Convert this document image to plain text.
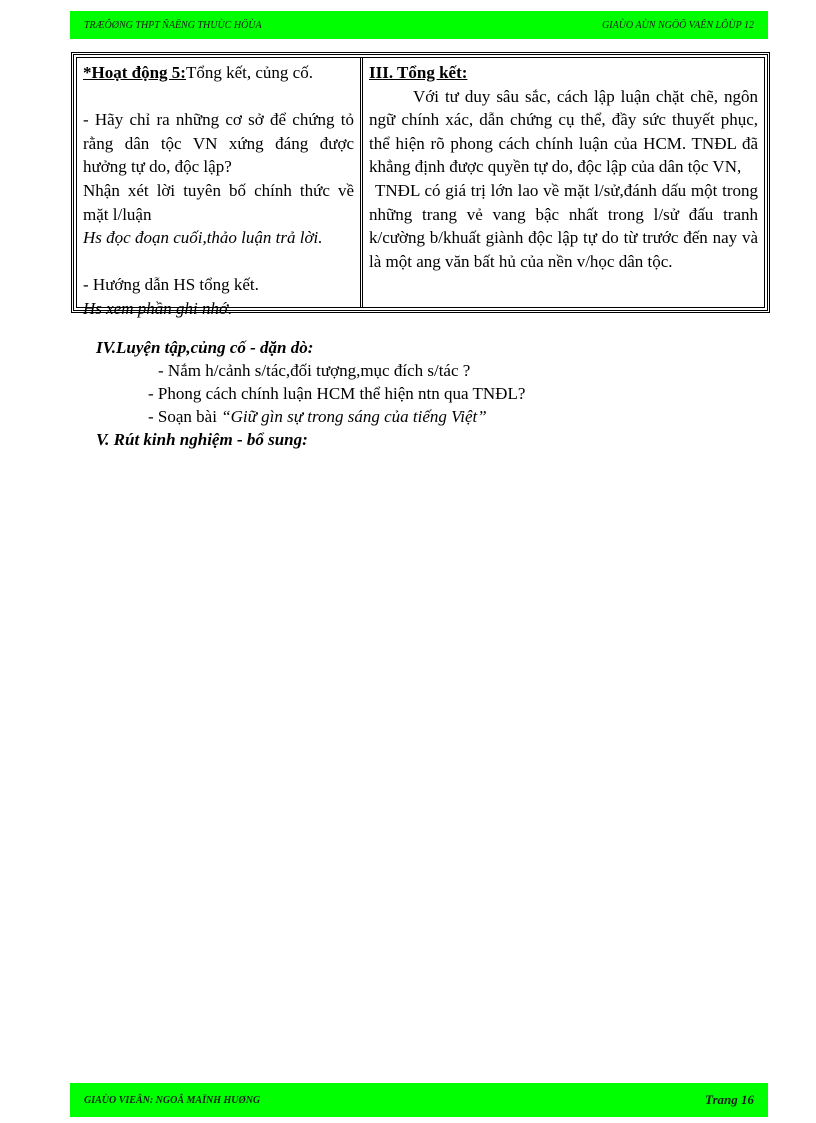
TRÆÔØNG THPT ÑAËNG THUÙC HÖÙA	GIAÙO AÙN NGÖÕ VAÊN LÔÙP 12
*Hoạt động 5:Tổng kết, củng cố.
- Hãy chỉ ra những cơ sở để chứng tỏ rằng dân tộc VN xứng đáng được hưởng tự do, độc lập?
Nhận xét lời tuyên bố chính thức về mặt l/luận
Hs đọc đoạn cuối,thảo luận trả lời.
- Hướng dẫn HS tổng kết.
Hs xem phần ghi nhớ.
III. Tổng kết:
Với tư duy sâu sắc, cách lập luận chặt chẽ, ngôn ngữ chính xác, dẫn chứng cụ thể, đầy sức thuyết phục, thể hiện rõ phong cách chính luận của HCM. TNĐL đã khẳng định được quyền tự do, độc lập của dân tộc VN,
TNĐL có giá trị lớn lao về mặt l/sử,đánh dấu một trong những trang vẻ vang bậc nhất trong l/sử đấu tranh k/cường b/khuất giành độc lập tự do từ trước đến nay và là một ang văn bất hủ của nền v/học dân tộc.
IV.Luyện tập,củng cố - dặn dò:
- Nắm h/cảnh s/tác,đối tượng,mục đích s/tác ?
- Phong cách chính luận HCM thể hiện ntn qua TNĐL?
- Soạn bài “Giữ gìn sự trong sáng của tiếng Việt”
V. Rút kinh nghiệm - bổ sung:
GIAÙO VIEÂN: NGOÂ MAÏNH HUØNG	Trang 16
